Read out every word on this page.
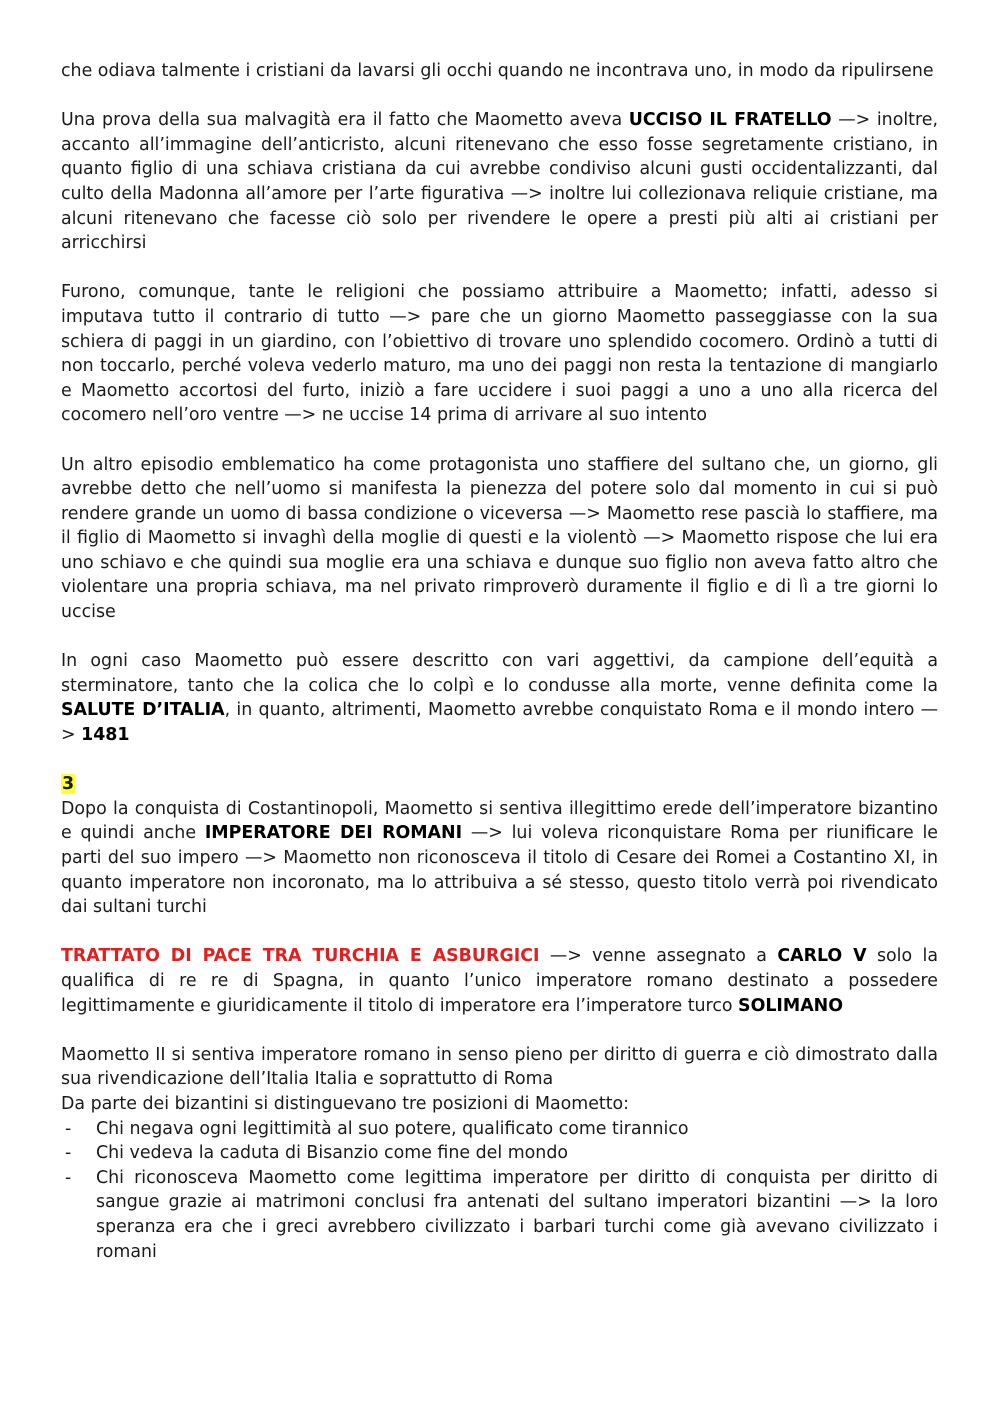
che odiava talmente i cristiani da lavarsi gli occhi quando ne incontrava uno, in modo da ripulirsene

Una prova della sua malvagità era il fatto che Maometto aveva UCCISO IL FRATELLO —> inoltre, accanto all’immagine dell’anticristo, alcuni ritenevano che esso fosse segretamente cristiano, in quanto figlio di una schiava cristiana da cui avrebbe condiviso alcuni gusti occidentalizzanti, dal culto della Madonna all’amore per l’arte figurativa —> inoltre lui collezionava reliquie cristiane, ma alcuni ritenevano che facesse ciò solo per rivendere le opere a presti più alti ai cristiani per arricchirsi

Furono, comunque, tante le religioni che possiamo attribuire a Maometto; infatti, adesso si imputava tutto il contrario di tutto —> pare che un giorno Maometto passeggiasse con la sua schiera di paggi in un giardino, con l’obiettivo di trovare uno splendido cocomero. Ordinò a tutti di non toccarlo, perché voleva vederlo maturo, ma uno dei paggi non resta la tentazione di mangiarlo e Maometto accortosi del furto, iniziò a fare uccidere i suoi paggi a uno a uno alla ricerca del cocomero nell’oro ventre —> ne uccise 14 prima di arrivare al suo intento

Un altro episodio emblematico ha come protagonista uno staffiere del sultano che, un giorno, gli avrebbe detto che nell’uomo si manifesta la pienezza del potere solo dal momento in cui si può rendere grande un uomo di bassa condizione o viceversa —> Maometto rese pascià lo staffiere, ma il figlio di Maometto si invaghì della moglie di questi e la violentò —> Maometto rispose che lui era uno schiavo e che quindi sua moglie era una schiava e dunque suo figlio non aveva fatto altro che violentare una propria schiava, ma nel privato rimproverò duramente il figlio e di lì a tre giorni lo uccise

In ogni caso Maometto può essere descritto con vari aggettivi, da campione dell’equità a sterminatore, tanto che la colica che lo colpì e lo condusse alla morte, venne definita come la SALUTE D’ITALIA, in quanto, altrimenti, Maometto avrebbe conquistato Roma e il mondo intero —> 1481

3

Dopo la conquista di Costantinopoli, Maometto si sentiva illegittimo erede dell’imperatore bizantino e quindi anche IMPERATORE DEI ROMANI —> lui voleva riconquistare Roma per riunificare le parti del suo impero —> Maometto non riconosceva il titolo di Cesare dei Romei a Costantino XI, in quanto imperatore non incoronato, ma lo attribuiva a sé stesso, questo titolo verrà poi rivendicato dai sultani turchi

TRATTATO DI PACE TRA TURCHIA E ASBURGICI —> venne assegnato a CARLO V solo la qualifica di re re di Spagna, in quanto l’unico imperatore romano destinato a possedere legittimamente e giuridicamente il titolo di imperatore era l’imperatore turco SOLIMANO

Maometto II si sentiva imperatore romano in senso pieno per diritto di guerra e ciò dimostrato dalla sua rivendicazione dell’Italia Italia e soprattutto di Roma

Da parte dei bizantini si distinguevano tre posizioni di Maometto:

- Chi negava ogni legittimità al suo potere, qualificato come tirannico
- Chi vedeva la caduta di Bisanzio come fine del mondo
- Chi riconosceva Maometto come legittima imperatore per diritto di conquista per diritto di sangue grazie ai matrimoni conclusi fra antenati del sultano imperatori bizantini —> la loro speranza era che i greci avrebbero civilizzato i barbari turchi come già avevano civilizzato i romani
